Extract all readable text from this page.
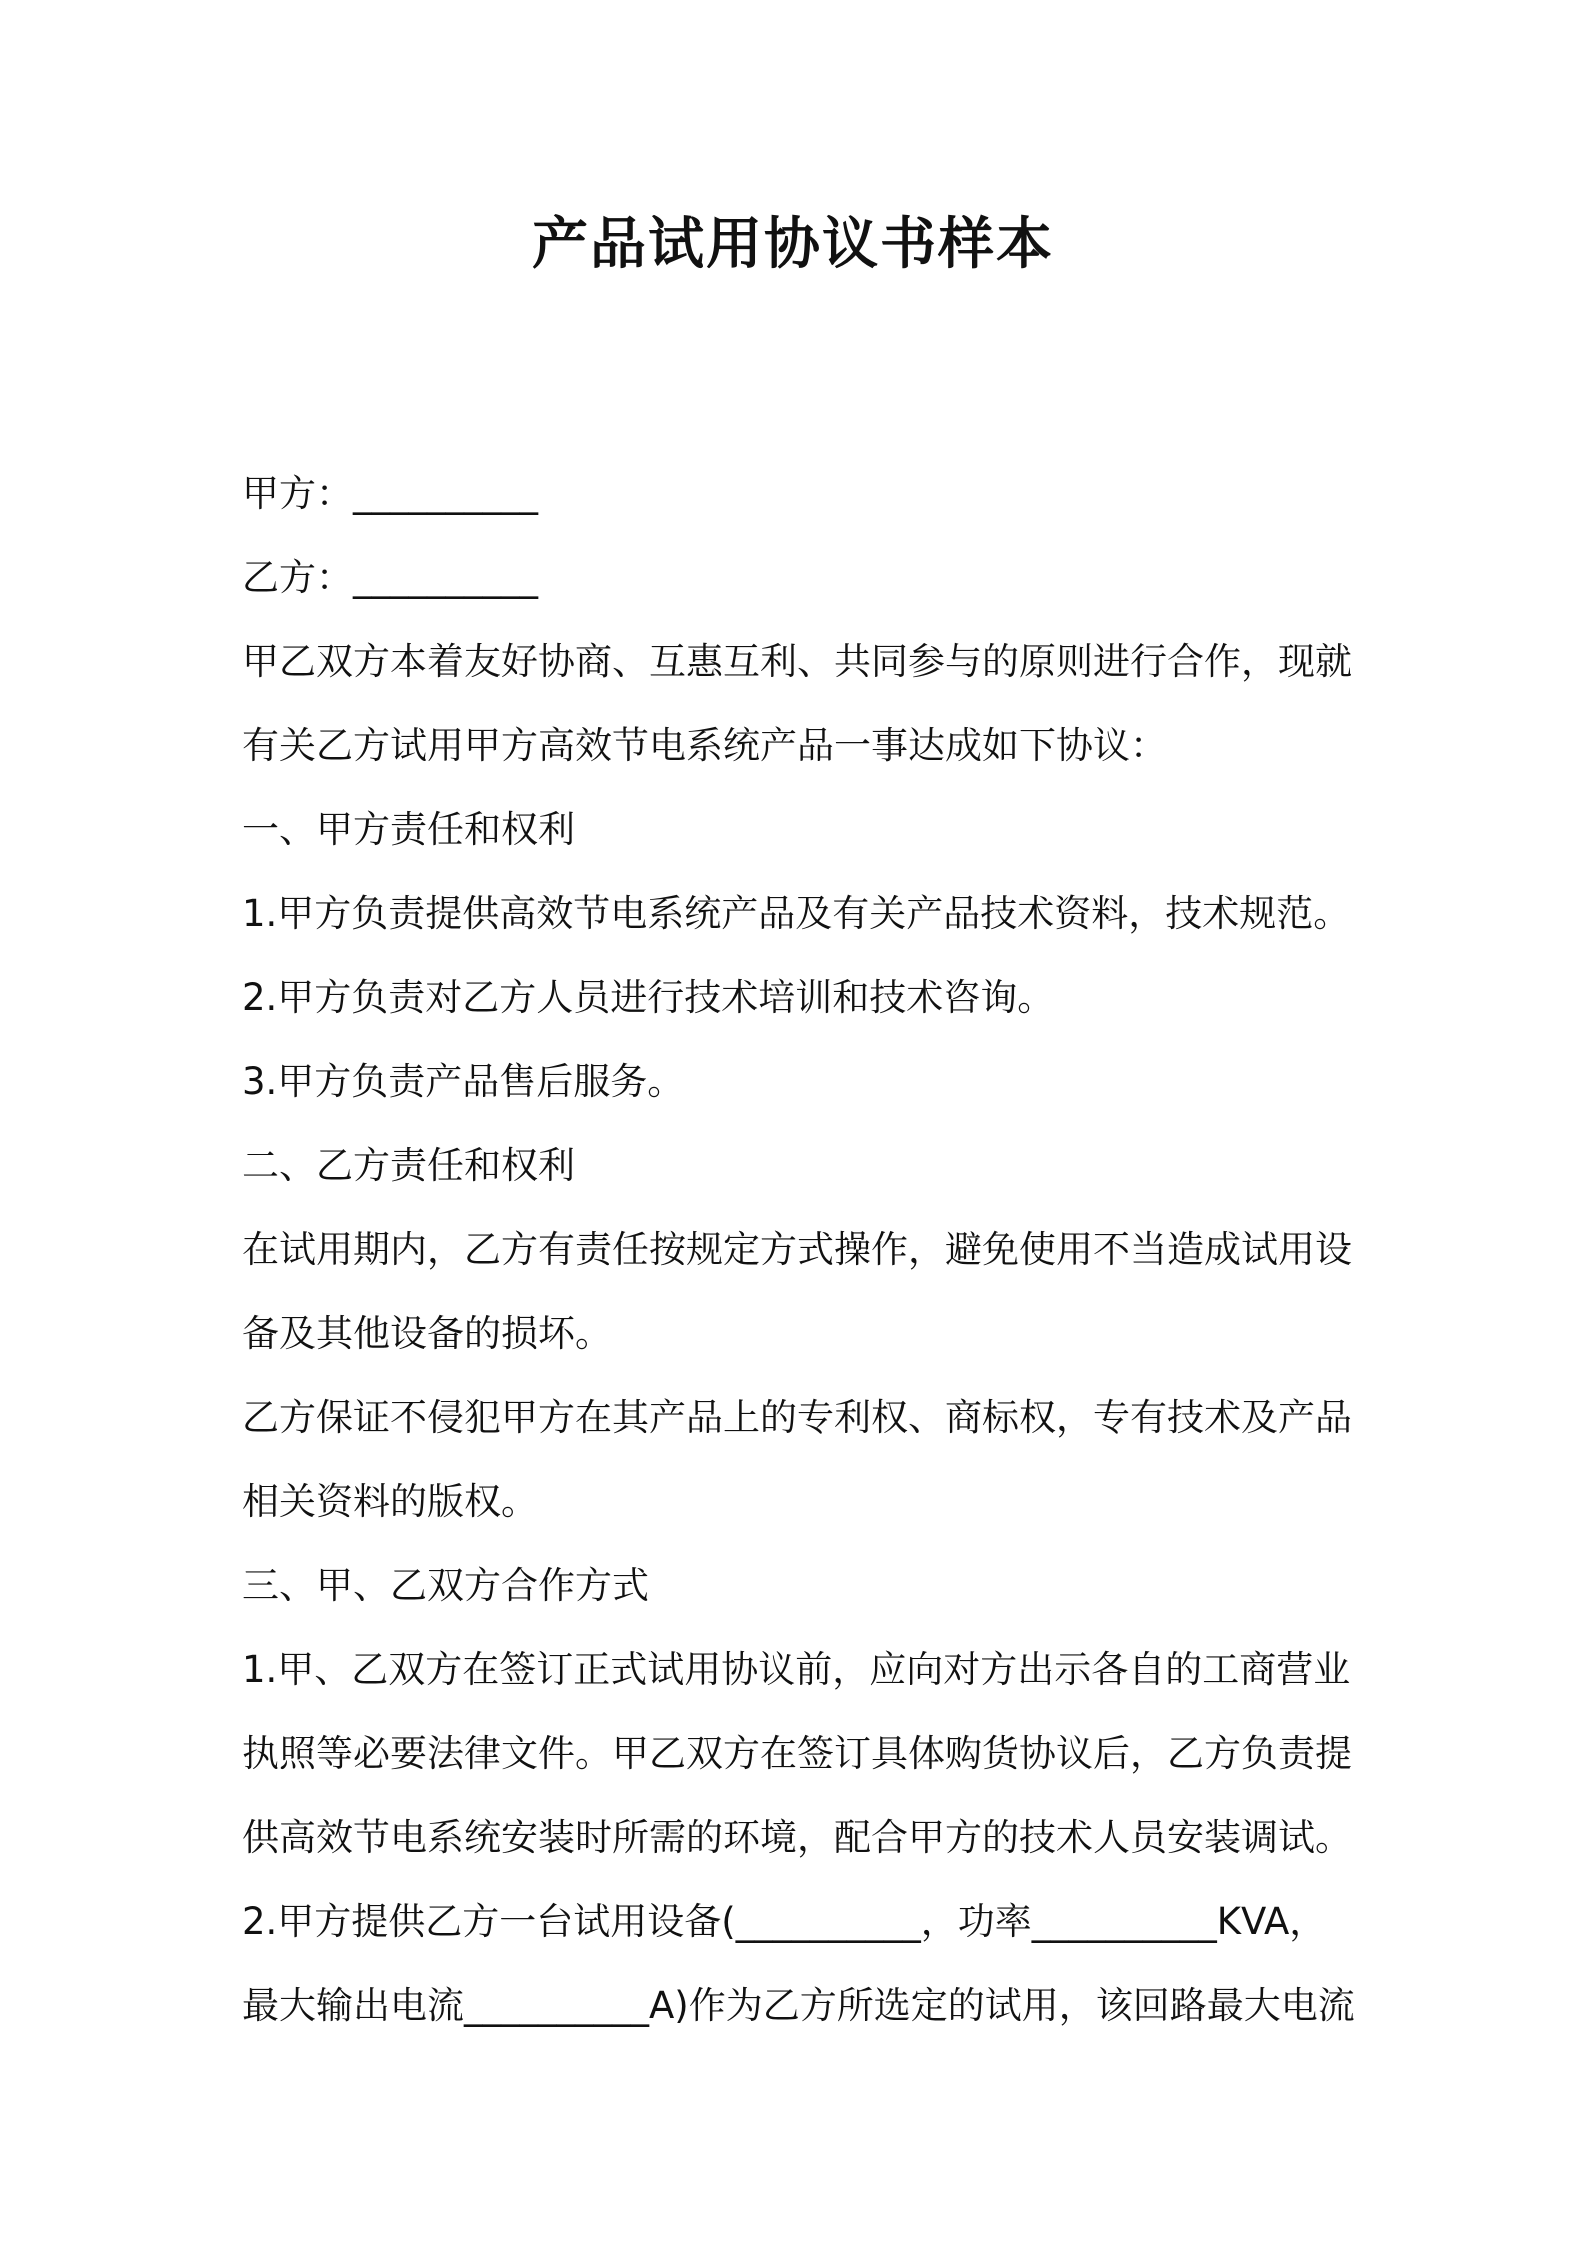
产品试用协议书样本

甲方：__________

乙方：__________

甲乙双方本着友好协商、互惠互利、共同参与的原则进行合作，现就

有关乙方试用甲方高效节电系统产品一事达成如下协议：

一、甲方责任和权利

1.甲方负责提供高效节电系统产品及有关产品技术资料，技术规范。

2.甲方负责对乙方人员进行技术培训和技术咨询。

3.甲方负责产品售后服务。

二、乙方责任和权利

在试用期内，乙方有责任按规定方式操作，避免使用不当造成试用设

备及其他设备的损坏。

乙方保证不侵犯甲方在其产品上的专利权、商标权，专有技术及产品

相关资料的版权。

三、甲、乙双方合作方式

1.甲、乙双方在签订正式试用协议前，应向对方出示各自的工商营业

执照等必要法律文件。甲乙双方在签订具体购货协议后，乙方负责提

供高效节电系统安装时所需的环境，配合甲方的技术人员安装调试。

2.甲方提供乙方一台试用设备(__________，功率__________KVA，

最大输出电流__________A)作为乙方所选定的试用，该回路最大电流
